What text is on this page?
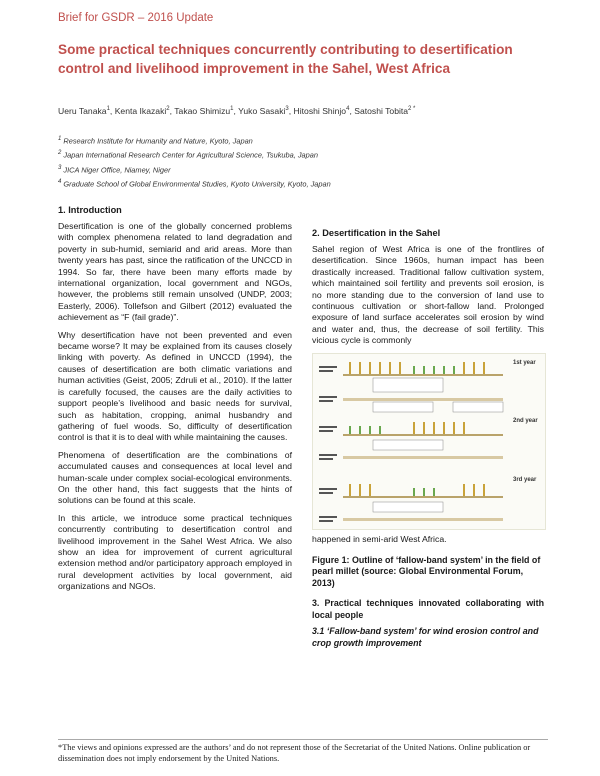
Brief for GSDR – 2016 Update
Some practical techniques concurrently contributing to desertification control and livelihood improvement in the Sahel, West Africa
Ueru Tanaka$^1$, Kenta Ikazaki$^2$, Takao Shimizu$^1$, Yuko Sasaki$^3$, Hitoshi Shinjo$^4$, Satoshi Tobita$^{2 *}$
$^1$ Research Institute for Humanity and Nature, Kyoto, Japan
$^2$ Japan International Research Center for Agricultural Science, Tsukuba, Japan
$^3$ JICA Niger Office, Niamey, Niger
$^4$ Graduate School of Global Environmental Studies, Kyoto University, Kyoto, Japan
1. Introduction

Desertification is one of the globally concerned problems with complex phenomena related to land degradation and poverty in sub-humid, semiarid and arid areas. More than twenty years has past, since the ratification of the UNCCD in 1994. So far, there have been many efforts made by international organization, local government and NGOs, however, the problems still remain unsolved (UNDP, 2003; Easterly, 2006). Tollefson and Gilbert (2012) evaluated the achievement as “F (fail grade)”.

Why desertification have not been prevented and even became worse? It may be explained from its causes closely linking with poverty. As defined in UNCCD (1994), the causes of desertification are both climatic variations and human activities (Geist, 2005; Zdruli et al., 2010). If the latter is carefully focused, the causes are the daily activities to support people’s livelihood and basic needs for survival, such as habitation, cropping, animal husbandry and gathering of fuel woods. So, difficulty of desertification control is that it is to deal with while maintaining the causes.

Phenomena of desertification are the combinations of accumulated causes and consequences at local level and human-scale under complex social-ecological environments. On the other hand, this fact suggests that the hints of solutions can be found at this scale.

In this article, we introduce some practical techniques concurrently contributing to desertification control and livelihood improvement in the Sahel West Africa. We also show an idea for improvement of current agricultural extension method and/or participatory approach employed in rural development activities by local government, aid organizations and NGOs.

2. Desertification in the Sahel

Sahel region of West Africa is one of the frontlires of desertification. Since 1960s, human impact has been drastically increased. Traditional fallow cultivation system, which maintained soil fertility and prevents soil erosion, is no more standing due to the conversion of land use to continuous cultivation or short-fallow land. Prolonged exposure of land surface accelerates soil erosion by wind and water and, thus, the decrease of soil fertility. This vicious cycle is commonly

1st year
2nd year
3rd year
happened in semi-arid West Africa.
Figure 1: Outline of ‘fallow-band system’ in the field of pearl millet (source: Global Environmental Forum, 2013)
3. Practical techniques innovated collaborating with local people
3.1 ‘Fallow-band system’ for wind erosion control and crop growth improvement
*The views and opinions expressed are the authors’ and do not represent those of the Secretariat of the United Nations. Online publication or dissemination does not imply endorsement by the United Nations.
